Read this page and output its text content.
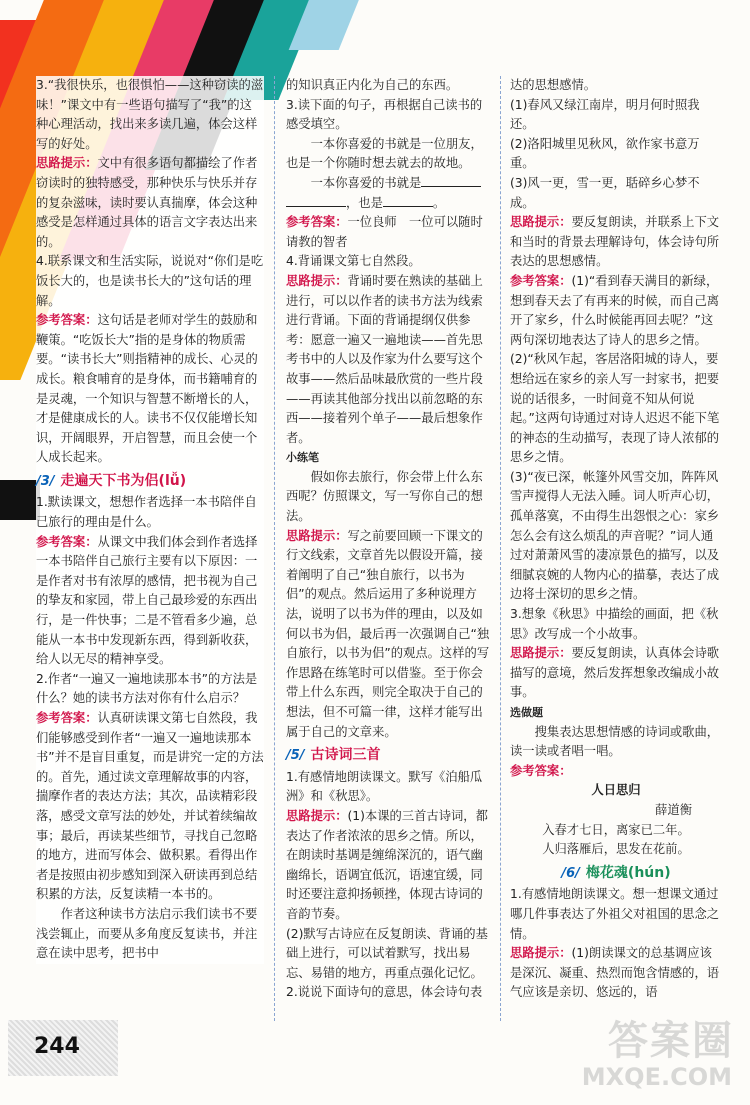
3.“我很快乐，也很惧怕——这种窃读的滋味！”课文中有一些语句描写了“我”的这种心理活动，找出来多读几遍，体会这样写的好处。

思路提示：文中有很多语句都描绘了作者窃读时的独特感受，那种快乐与快乐并存的复杂滋味，读时要认真揣摩，体会这种感受是怎样通过具体的语言文字表达出来的。

4.联系课文和生活实际，说说对“你们是吃饭长大的，也是读书长大的”这句话的理解。

参考答案：这句话是老师对学生的鼓励和鞭策。“吃饭长大”指的是身体的物质需要。“读书长大”则指精神的成长、心灵的成长。粮食哺育的是身体，而书籍哺育的是灵魂，一个知识与智慧不断增长的人，才是健康成长的人。读书不仅仅能增长知识，开阔眼界，开启智慧，而且会使一个人成长起来。

/3/ 走遍天下书为侣(lǚ)

1.默读课文，想想作者选择一本书陪伴自己旅行的理由是什么。

参考答案：从课文中我们体会到作者选择一本书陪伴自己旅行主要有以下原因：一是作者对书有浓厚的感情，把书视为自己的挚友和家园，带上自己最珍爱的东西出行，是一件快事；二是不管看多少遍，总能从一本书中发现新东西，得到新收获，给人以无尽的精神享受。

2.作者“一遍又一遍地读那本书”的方法是什么？她的读书方法对你有什么启示？

参考答案：认真研读课文第七自然段，我们能够感受到作者“一遍又一遍地读那本书”并不是盲目重复，而是讲究一定的方法的。首先，通过读文章理解故事的内容，揣摩作者的表达方法；其次，品读精彩段落，感受文章写法的妙处，并试着续编故事；最后，再读某些细节，寻找自己忽略的地方，进而写体会、做积累。看得出作者是按照由初步感知到深入研读再到总结积累的方法，反复读精一本书的。

作者这种读书方法启示我们读书不要浅尝辄止，而要从多角度反复读书，并注意在读中思考，把书中

的知识真正内化为自己的东西。

3.读下面的句子，再根据自己读书的感受填空。

一本你喜爱的书就是一位朋友，也是一个你随时想去就去的故地。

一本你喜爱的书就是，也是	。

参考答案：一位良师　一位可以随时请教的智者

4.背诵课文第七自然段。

思路提示：背诵时要在熟读的基础上进行，可以以作者的读书方法为线索进行背诵。下面的背诵提纲仅供参考：愿意一遍又一遍地读——首先思考书中的人以及作家为什么要写这个故事——然后品味最欣赏的一些片段——再读其他部分找出以前忽略的东西——接着列个单子——最后想象作者。

小练笔

假如你去旅行，你会带上什么东西呢？仿照课文，写一写你自己的想法。

思路提示：写之前要回顾一下课文的行文线索，文章首先以假设开篇，接着阐明了自己“独自旅行，以书为侣”的观点。然后运用了多种说理方法，说明了以书为伴的理由，以及如何以书为侣，最后再一次强调自己“独自旅行，以书为侣”的观点。这样的写作思路在练笔时可以借鉴。至于你会带上什么东西，则完全取决于自己的想法，但不可篇一律，这样才能写出属于自己的文章来。

/5/ 古诗词三首

1.有感情地朗读课文。默写《泊船瓜洲》和《秋思》。

思路提示：(1)本课的三首古诗词，都表达了作者浓浓的思乡之情。所以，在朗读时基调是缠绵深沉的，语气幽幽绵长，语调宜低沉，语速宜缓，同时还要注意抑扬顿挫，体现古诗词的音韵节奏。

(2)默写古诗应在反复朗读、背诵的基础上进行，可以试着默写，找出易忘、易错的地方，再重点强化记忆。

2.说说下面诗句的意思，体会诗句表

达的思想感情。

(1)春风又绿江南岸，明月何时照我还。

(2)洛阳城里见秋风，欲作家书意万重。

(3)风一更，雪一更，聒碎乡心梦不成。

思路提示：要反复朗读，并联系上下文和当时的背景去理解诗句，体会诗句所表达的思想感情。

参考答案：(1)“看到春天满目的新绿，想到春天去了有再来的时候，而自己离开了家乡，什么时候能再回去呢？”这两句深切地表达了诗人的思乡之情。

(2)“秋风乍起，客居洛阳城的诗人，要想给远在家乡的亲人写一封家书，把要说的话很多，一时间竟不知从何说起。”这两句诗通过对诗人迟迟不能下笔的神态的生动描写，表现了诗人浓郁的思乡之情。

(3)“夜已深，帐篷外风雪交加，阵阵风雪声搅得人无法入睡。词人听声心切，孤单落寞，不由得生出怨恨之心：家乡怎么会有这么烦乱的声音呢？”词人通过对萧萧风雪的凄凉景色的描写，以及细腻哀婉的人物内心的描摹，表达了成边将士深切的思乡之情。

3.想象《秋思》中描绘的画面，把《秋思》改写成一个小故事。

思路提示：要反复朗读，认真体会诗歌描写的意境，然后发挥想象改编成小故事。

选做题

搜集表达思想情感的诗词或歌曲，读一读或者唱一唱。

参考答案：

人日思归

薛道衡

入春才七日，离家已二年。

人归落雁后，思发在花前。

/6/ 梅花魂(hún)

1.有感情地朗读课文。想一想课文通过哪几件事表达了外祖父对祖国的思念之情。

思路提示：(1)朗读课文的总基调应该是深沉、凝重、热烈而饱含情感的，语气应该是亲切、悠远的，语

244	答案圈
MXQE.COM
